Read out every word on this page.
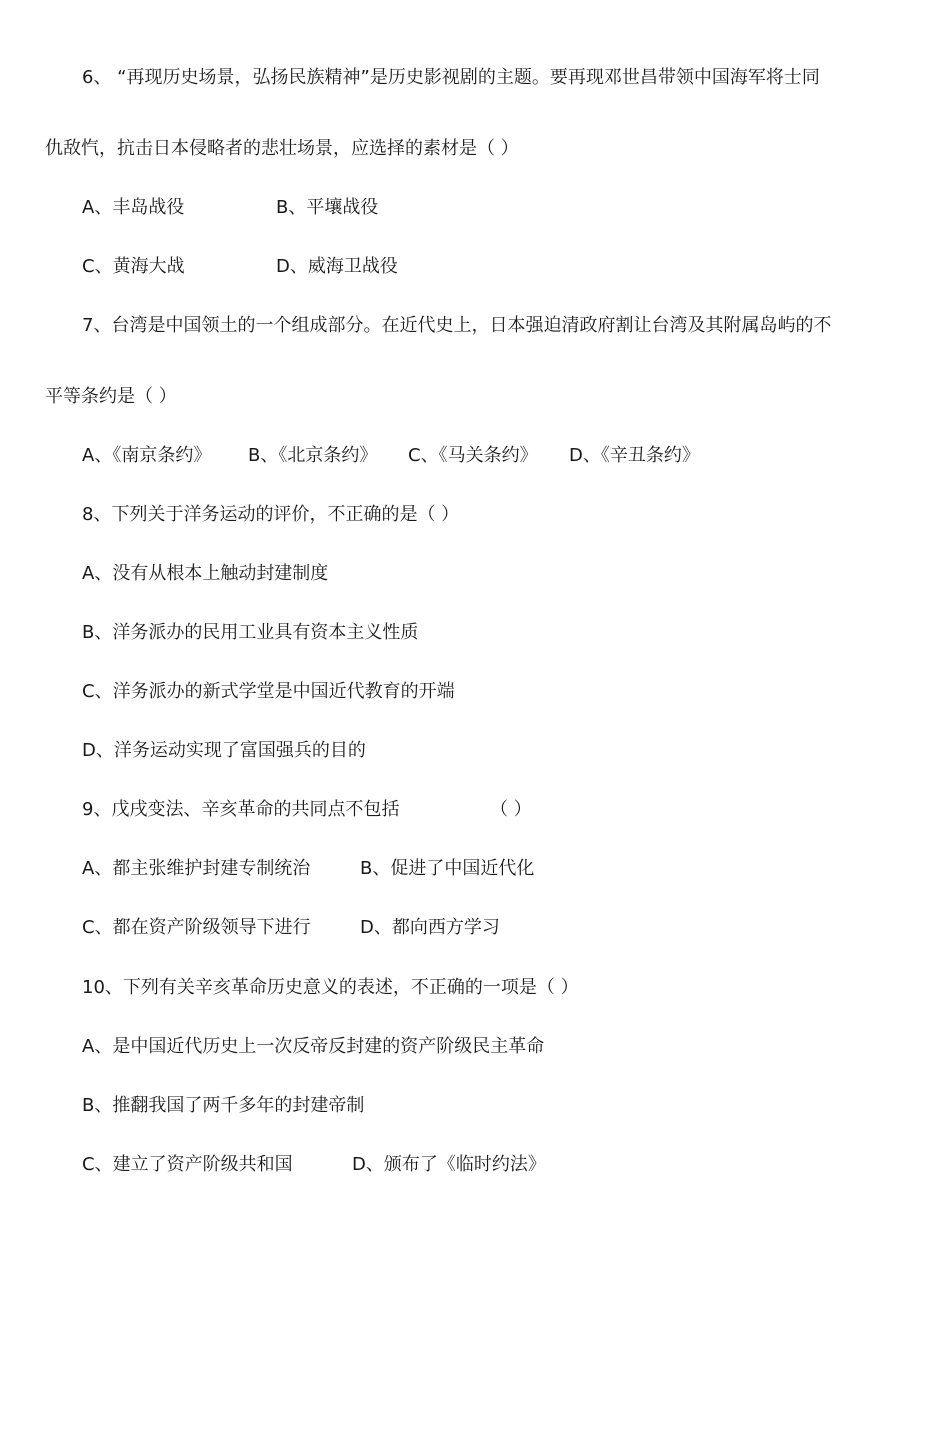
6、 “再现历史场景，弘扬民族精神”是历史影视剧的主题。要再现邓世昌带领中国海军将士同
仇敌忾，抗击日本侵略者的悲壮场景，应选择的素材是（ ）
A、丰岛战役	B、平壤战役
C、黄海大战	D、威海卫战役
7、台湾是中国领土的一个组成部分。在近代史上，日本强迫清政府割让台湾及其附属岛屿的不
平等条约是（ ）
A、《南京条约》 B、《北京条约》 C、《马关条约》 D、《辛丑条约》
8、下列关于洋务运动的评价，不正确的是（ ）
A、没有从根本上触动封建制度
B、洋务派办的民用工业具有资本主义性质
C、洋务派办的新式学堂是中国近代教育的开端
D、洋务运动实现了富国强兵的目的
9、戊戌变法、辛亥革命的共同点不包括	（ ）
A、都主张维护封建专制统治	B、促进了中国近代化
C、都在资产阶级领导下进行	D、都向西方学习
10、下列有关辛亥革命历史意义的表述，不正确的一项是（ ）
A、是中国近代历史上一次反帝反封建的资产阶级民主革命
B、推翻我国了两千多年的封建帝制
C、建立了资产阶级共和国	D、颁布了《临时约法》
